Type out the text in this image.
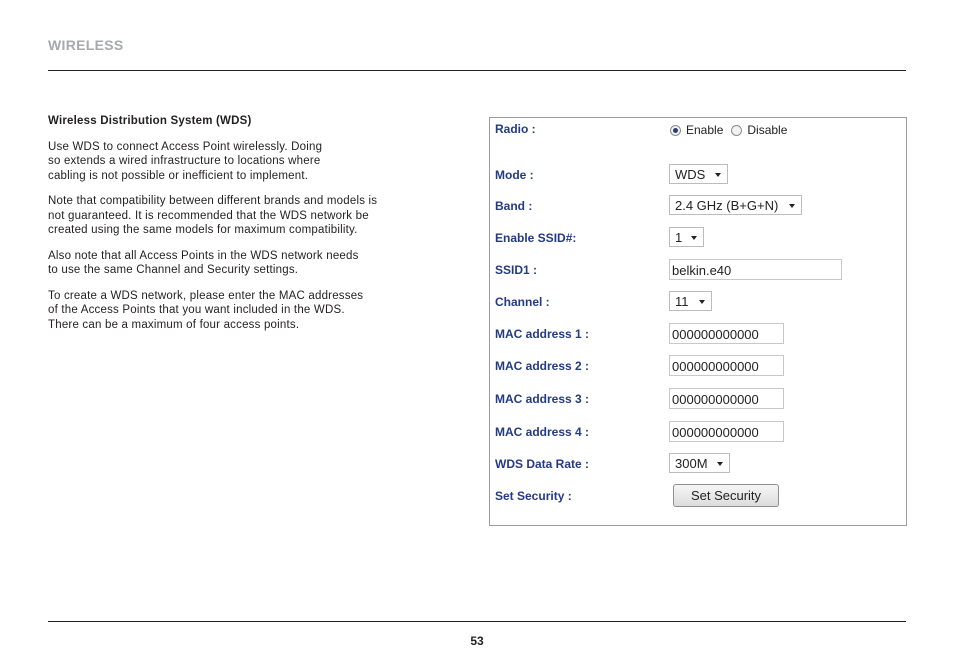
WIRELESS
Wireless Distribution System (WDS)

Use WDS to connect Access Point wirelessly. Doing
so extends a wired infrastructure to locations where
cabling is not possible or inefficient to implement.

Note that compatibility between different brands and models is
not guaranteed. It is recommended that the WDS network be
created using the same models for maximum compatibility.

Also note that all Access Points in the WDS network needs
to use the same Channel and Security settings.

To create a WDS network, please enter the MAC addresses
of the Access Points that you want included in the WDS.
There can be a maximum of four access points.

Radio :	Enable Disable
Mode :	WDS
Band :	2.4 GHz (B+G+N)
Enable SSID#:	1
SSID1 :	belkin.e40
Channel :	11
MAC address 1 :	000000000000
MAC address 2 :	000000000000
MAC address 3 :	000000000000
MAC address 4 :	000000000000
WDS Data Rate :	300M
Set Security :	Set Security
53
